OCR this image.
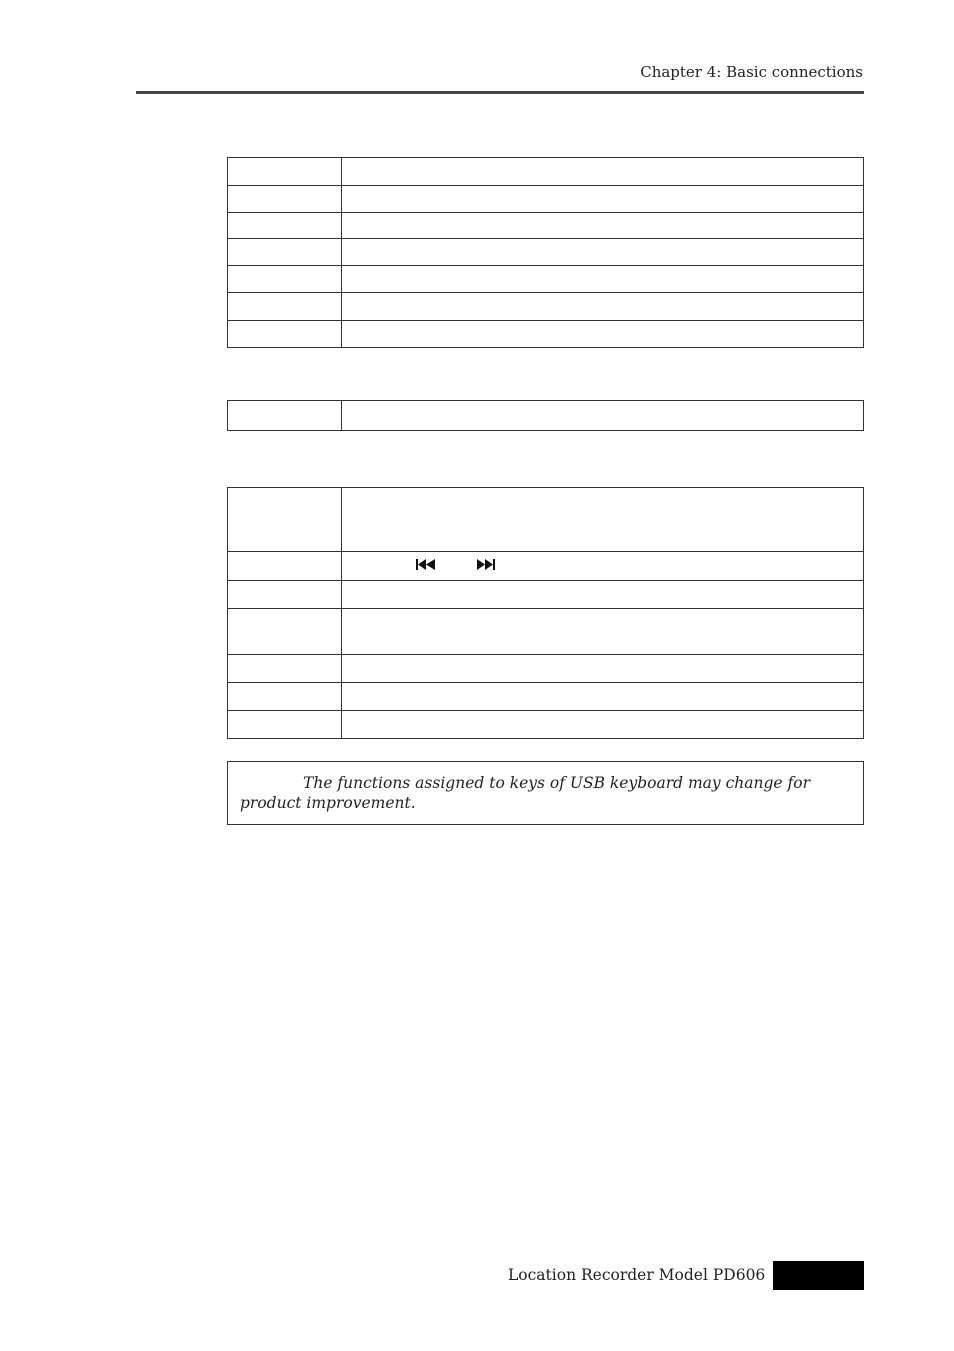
Chapter 4: Basic connections

The functions assigned to keys of USB keyboard may change for product improvement.
Location Recorder Model PD606
